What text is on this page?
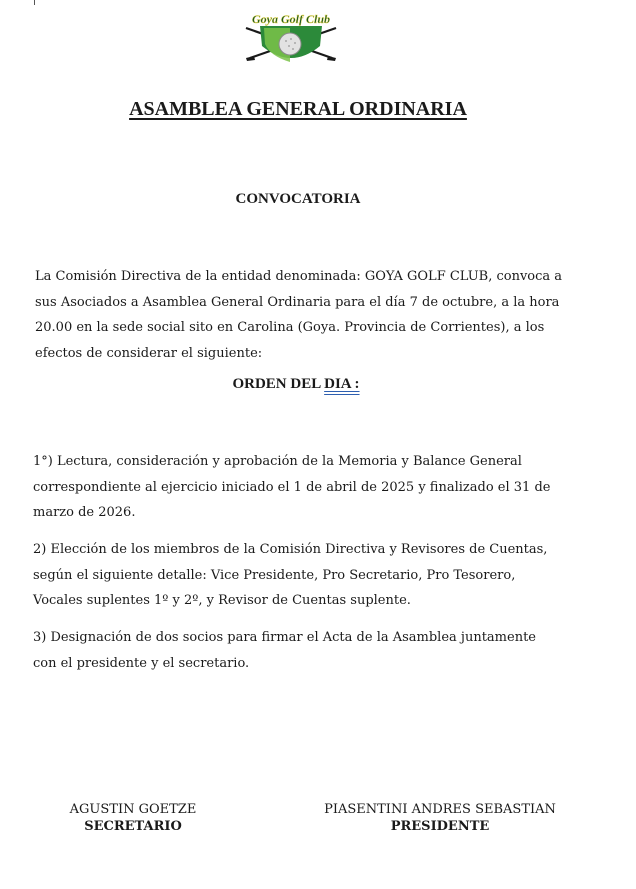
Goya Golf Club
ASAMBLEA GENERAL ORDINARIA
CONVOCATORIA

La Comisión Directiva de la entidad denominada: GOYA GOLF CLUB, convoca a sus Asociados a Asamblea General Ordinaria para el día 7 de octubre, a la hora 20.00 en la sede social sito en Carolina (Goya. Provincia de Corrientes), a los efectos de considerar el siguiente:

ORDEN DEL DIA :

1°) Lectura, consideración y aprobación de la Memoria y Balance General correspondiente al ejercicio iniciado el 1 de abril de 2025 y finalizado el 31 de marzo de 2026.

2) Elección de los miembros de la Comisión Directiva y Revisores de Cuentas, según el siguiente detalle: Vice Presidente, Pro Secretario, Pro Tesorero, Vocales suplentes 1º y 2º, y Revisor de Cuentas suplente.

3) Designación de dos socios para firmar el Acta de la Asamblea juntamente con el presidente y el secretario.

AGUSTIN GOETZE
SECRETARIO
PIASENTINI ANDRES SEBASTIAN
PRESIDENTE
